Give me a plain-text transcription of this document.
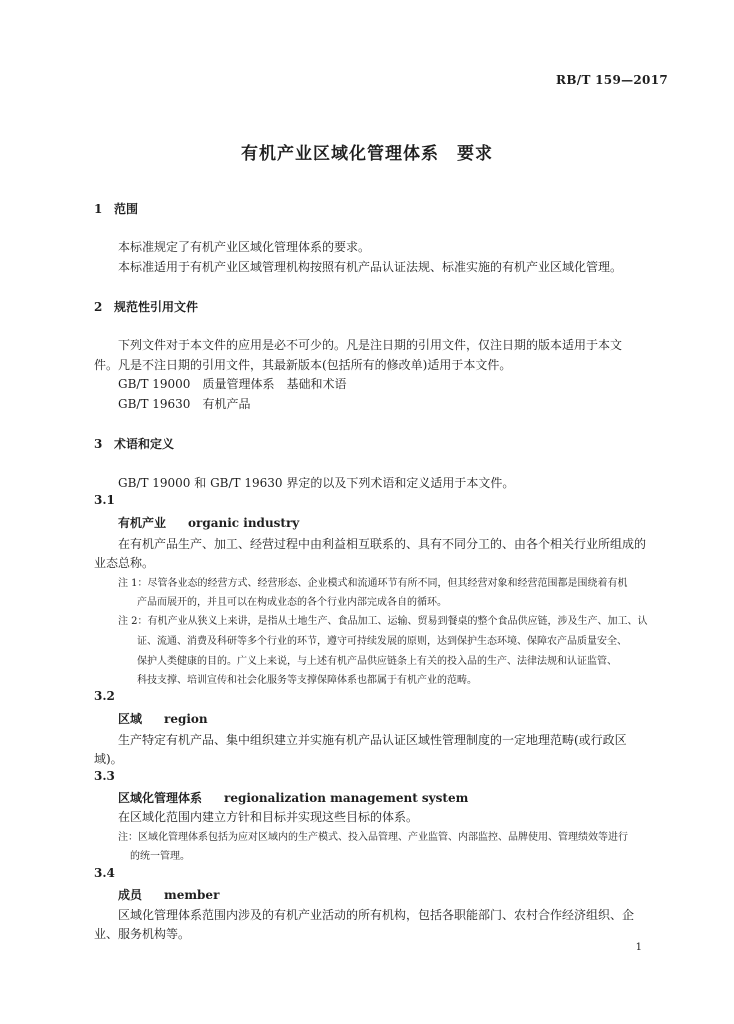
RB/T 159—2017
有机产业区域化管理体系　要求
1 范围
本标准规定了有机产业区域化管理体系的要求。
本标准适用于有机产业区域管理机构按照有机产品认证法规、标准实施的有机产业区域化管理。
2 规范性引用文件
下列文件对于本文件的应用是必不可少的。凡是注日期的引用文件，仅注日期的版本适用于本文
件。凡是不注日期的引用文件，其最新版本(包括所有的修改单)适用于本文件。
GB/T 19000　 质量管理体系　基础和术语
GB/T 19630　 有机产品
3 术语和定义
GB/T 19000 和 GB/T 19630 界定的以及下列术语和定义适用于本文件。
3.1
有机产业 organic industry
在有机产品生产、加工、经营过程中由利益相互联系的、具有不同分工的、由各个相关行业所组成的
业态总称。
注 1：尽管各业态的经营方式、经营形态、企业模式和流通环节有所不同，但其经营对象和经营范围都是围绕着有机
产品而展开的，并且可以在构成业态的各个行业内部完成各自的循环。
注 2：有机产业从狭义上来讲，是指从土地生产、食品加工、运输、贸易到餐桌的整个食品供应链，涉及生产、加工、认
证、流通、消费及科研等多个行业的环节，遵守可持续发展的原则，达到保护生态环境、保障农产品质量安全、
保护人类健康的目的。广义上来说，与上述有机产品供应链条上有关的投入品的生产、法律法规和认证监管、
科技支撑、培训宣传和社会化服务等支撑保障体系也都属于有机产业的范畴。
3.2
区域 region
生产特定有机产品、集中组织建立并实施有机产品认证区域性管理制度的一定地理范畴(或行政区
域)。
3.3
区域化管理体系 regionalization management system
在区域化范围内建立方针和目标并实现这些目标的体系。
注：区域化管理体系包括为应对区域内的生产模式、投入品管理、产业监管、内部监控、品牌使用、管理绩效等进行
的统一管理。
3.4
成员 member
区域化管理体系范围内涉及的有机产业活动的所有机构，包括各职能部门、农村合作经济组织、企
业、服务机构等。
1
